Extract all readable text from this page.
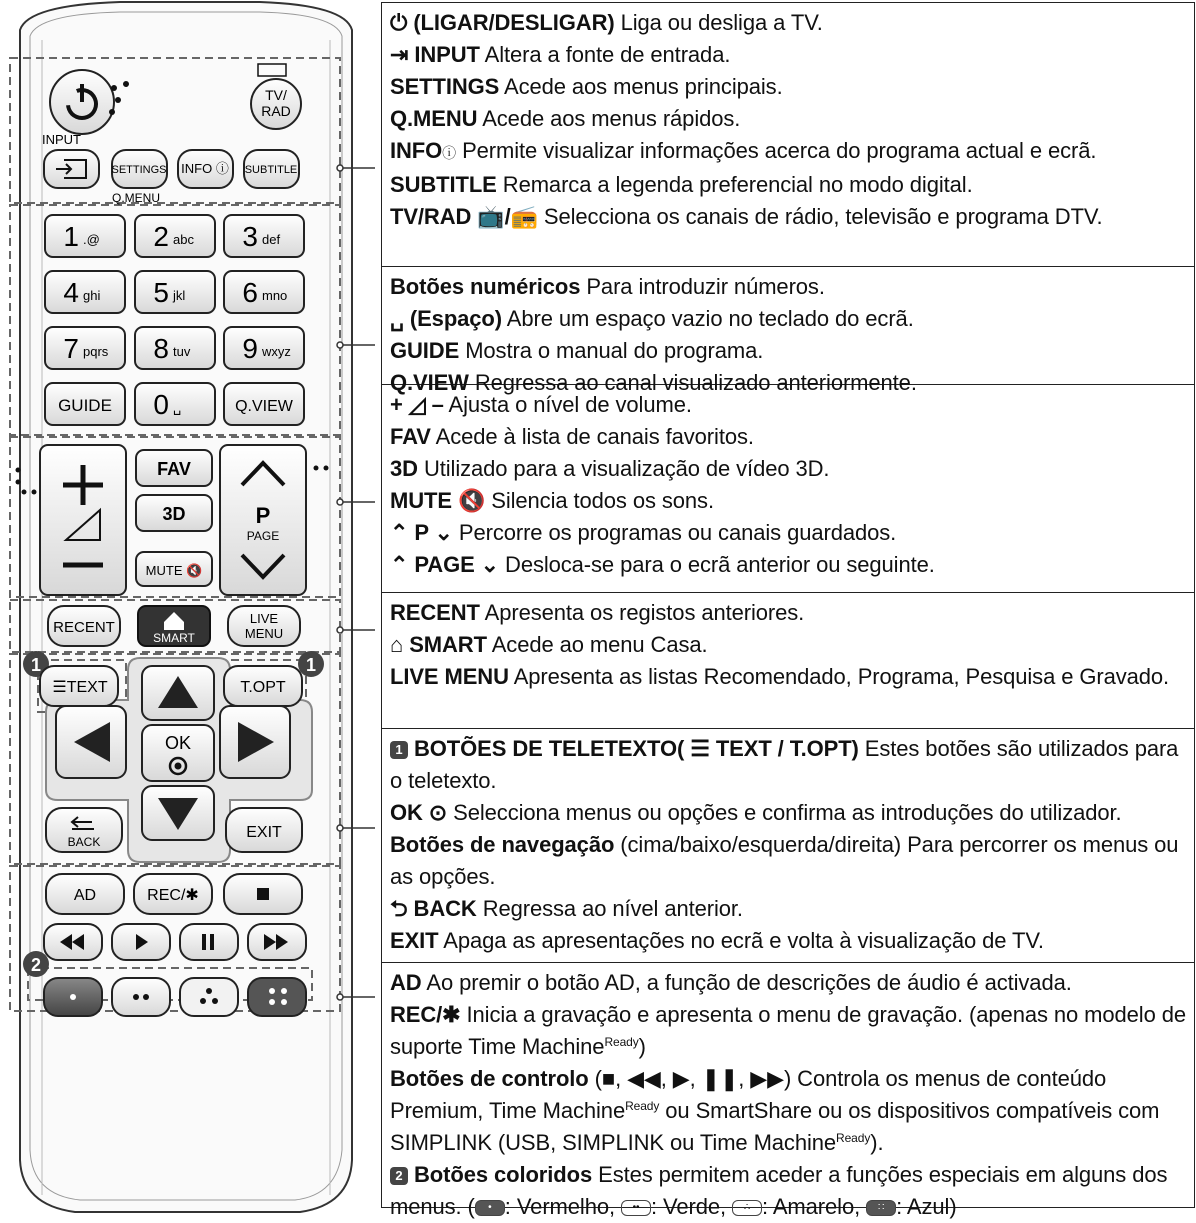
INPUT
TV/
RAD
SETTINGS
Q.MENU
INFO ⓘ SUBTITLE
1 .@ 2 abc 3 def
4 ghi 5 jkl 6 mno
7 pqrs 8 tuv 9 wxyz
0 ␣
GUIDE	Q.VIEW
FAV
3D
MUTE 🔇
P
PAGE
RECENT
SMART
LIVE
MENU
1	1
☰TEXT	T.OPT
OK
BACK
EXIT
AD	REC/✱
2
⏻ (LIGAR/DESLIGAR) Liga ou desliga a TV.
⇥ INPUT Altera a fonte de entrada.
SETTINGS Acede aos menus principais.
Q.MENU Acede aos menus rápidos.
INFOⓘ Permite visualizar informações acerca do programa actual e ecrã.
SUBTITLE Remarca a legenda preferencial no modo digital.
TV/RAD 📺/📻 Selecciona os canais de rádio, televisão e programa DTV.
Botões numéricos Para introduzir números.
␣ (Espaço) Abre um espaço vazio no teclado do ecrã.
GUIDE Mostra o manual do programa.
Q.VIEW Regressa ao canal visualizado anteriormente.
+ ◿ – Ajusta o nível de volume.
FAV Acede à lista de canais favoritos.
3D Utilizado para a visualização de vídeo 3D.
MUTE 🔇 Silencia todos os sons.
⌃ P ⌄ Percorre os programas ou canais guardados.
⌃ PAGE ⌄ Desloca-se para o ecrã anterior ou seguinte.
RECENT Apresenta os registos anteriores.
⌂ SMART Acede ao menu Casa.
LIVE MENU Apresenta as listas Recomendado, Programa, Pesquisa e Gravado.
1 BOTÕES DE TELETEXTO( ☰ TEXT / T.OPT) Estes botões são utilizados para o teletexto.
OK ⊙ Selecciona menus ou opções e confirma as introduções do utilizador.
Botões de navegação (cima/baixo/esquerda/direita) Para percorrer os menus ou as opções.
⮌ BACK Regressa ao nível anterior.
EXIT Apaga as apresentações no ecrã e volta à visualização de TV.
AD Ao premir o botão AD, a função de descrições de áudio é activada.
REC/✱ Inicia a gravação e apresenta o menu de gravação. (apenas no modelo de suporte Time Machine$^{Ready}$)
Botões de controlo (■, ◀◀, ▶, ❚❚, ▶▶) Controla os menus de conteúdo Premium, Time Machine$^{Ready}$ ou SmartShare ou os dispositivos compatíveis com SIMPLINK (USB, SIMPLINK ou Time Machine$^{Ready}$).
2 Botões coloridos Estes permitem aceder a funções especiais em alguns dos menus. ( • : Vermelho, •• : Verde, ∴ : Amarelo, ∷ : Azul)
